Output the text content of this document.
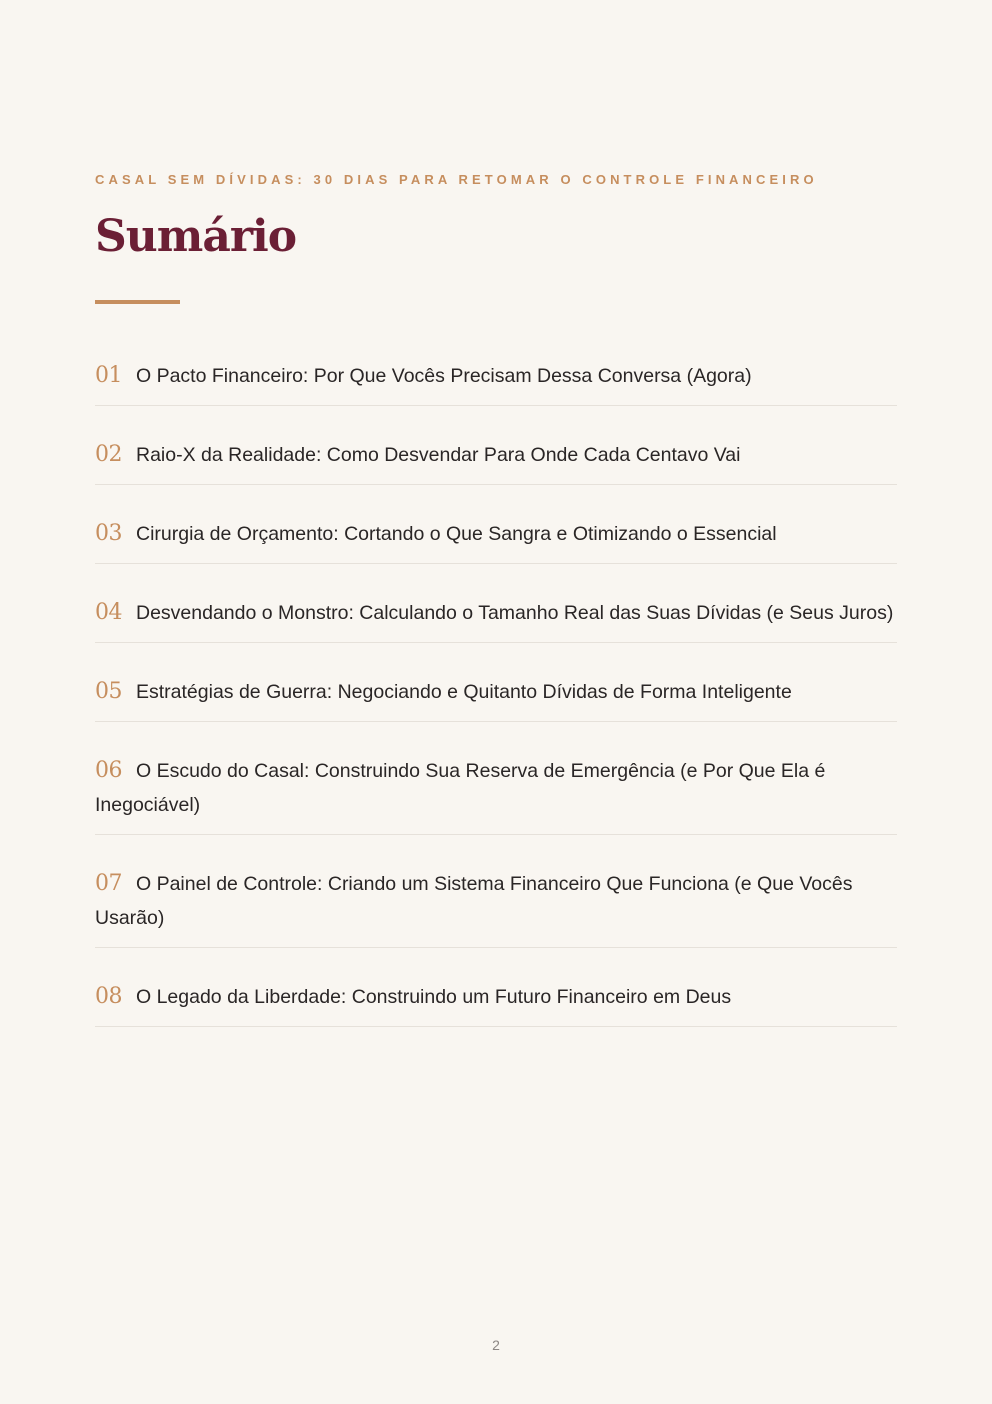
CASAL SEM DÍVIDAS: 30 DIAS PARA RETOMAR O CONTROLE FINANCEIRO
Sumário
01 O Pacto Financeiro: Por Que Vocês Precisam Dessa Conversa (Agora)
02 Raio-X da Realidade: Como Desvendar Para Onde Cada Centavo Vai
03 Cirurgia de Orçamento: Cortando o Que Sangra e Otimizando o Essencial
04 Desvendando o Monstro: Calculando o Tamanho Real das Suas Dívidas (e Seus Juros)
05 Estratégias de Guerra: Negociando e Quitanto Dívidas de Forma Inteligente
06 O Escudo do Casal: Construindo Sua Reserva de Emergência (e Por Que Ela é Inegociável)
07 O Painel de Controle: Criando um Sistema Financeiro Que Funciona (e Que Vocês Usarão)
08 O Legado da Liberdade: Construindo um Futuro Financeiro em Deus
2
